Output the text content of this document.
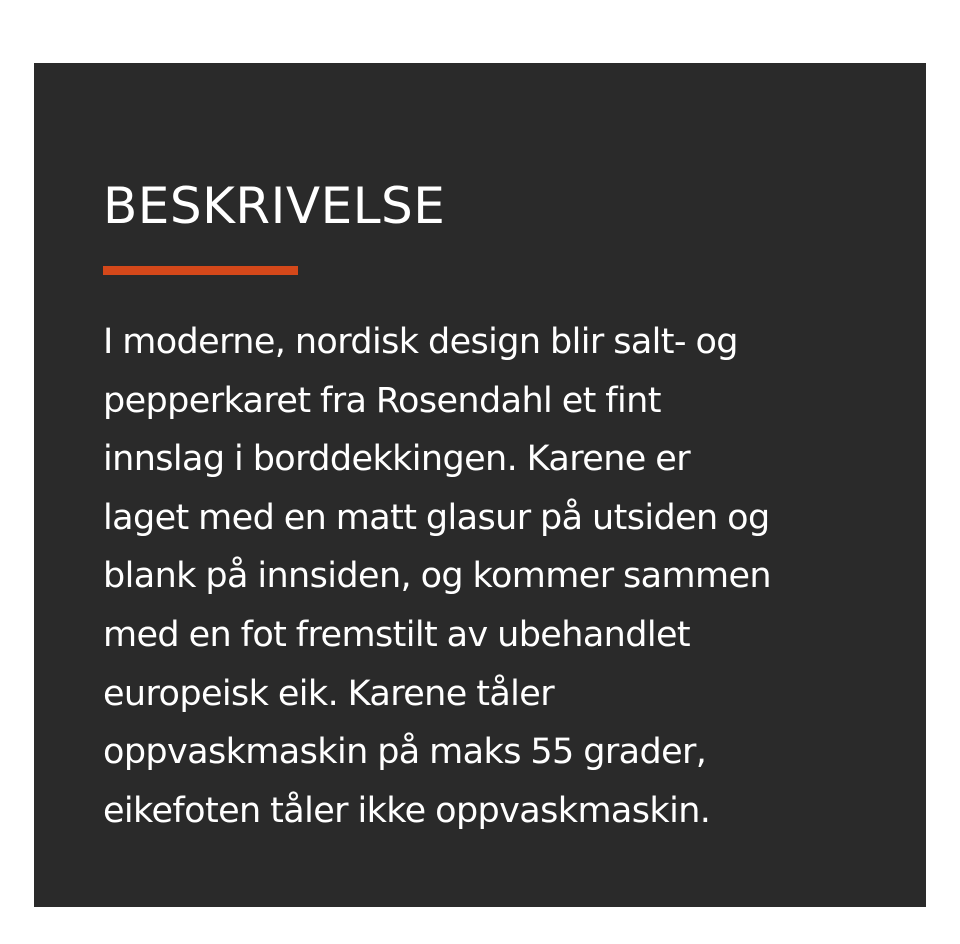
BESKRIVELSE

I moderne, nordisk design blir salt- og
pepperkaret fra Rosendahl et fint
innslag i borddekkingen. Karene er
laget med en matt glasur på utsiden og
blank på innsiden, og kommer sammen
med en fot fremstilt av ubehandlet
europeisk eik. Karene tåler
oppvaskmaskin på maks 55 grader,
eikefoten tåler ikke oppvaskmaskin.
